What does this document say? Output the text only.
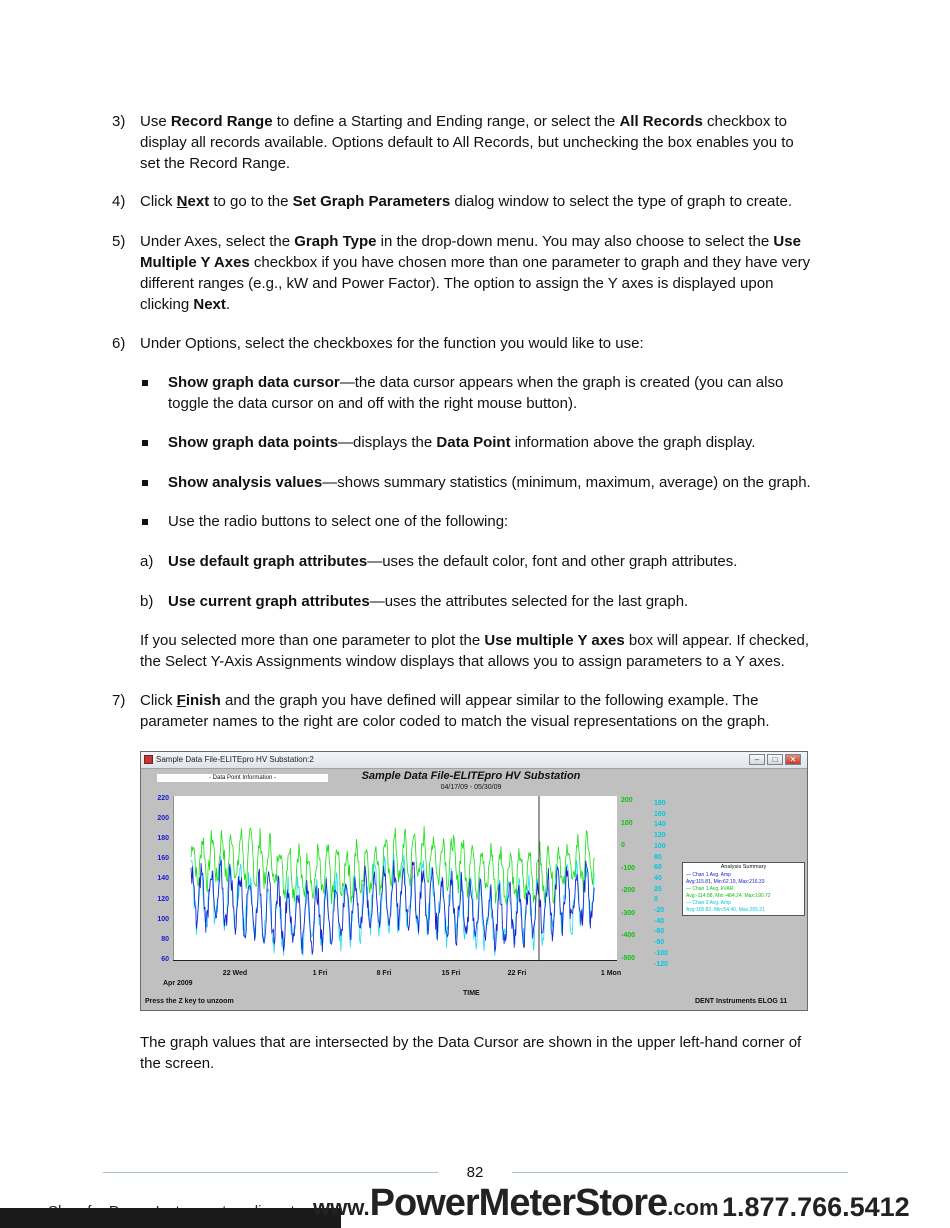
3) Use Record Range to define a Starting and Ending range, or select the All Records checkbox to
display all records available. Options default to All Records, but unchecking the box enables you to
set the Record Range.
4) Click Next to go to the Set Graph Parameters dialog window to select the type of graph to create.
5) Under Axes, select the Graph Type in the drop-down menu. You may also choose to select the Use
Multiple Y Axes checkbox if you have chosen more than one parameter to graph and they have very
different ranges (e.g., kW and Power Factor). The option to assign the Y axes is displayed upon
clicking Next.
6) Under Options, select the checkboxes for the function you would like to use:
Show graph data cursor—the data cursor appears when the graph is created (you can also
toggle the data cursor on and off with the right mouse button).
Show graph data points—displays the Data Point information above the graph display.
Show analysis values—shows summary statistics (minimum, maximum, average) on the graph.
Use the radio buttons to select one of the following:
a) Use default graph attributes—uses the default color, font and other graph attributes.
b) Use current graph attributes—uses the attributes selected for the last graph.
If you selected more than one parameter to plot the Use multiple Y axes box will appear. If checked,
the Select Y-Axis Assignments window displays that allows you to assign parameters to a Y axes.
7) Click Finish and the graph you have defined will appear similar to the following example. The
parameter names to the right are color coded to match the visual representations on the graph.
Sample Data File-ELITEpro HV Substation:2	–	□	✕
- Data Point Information -	Sample Data File-ELITEpro HV Substation
04/17/09 - 05/30/09
Apr 2009
TIME
Press the Z key to unzoom	DENT Instruments ELOG 11
Analysis Summary
— Chan 1 Avg. Amp
Avg:115.81, Min:62.19, Max:216.33
— Chan 1 Avg. kVAR
Avg:-114.88, Min:-484.24, Max:190.72
— Chan 2 Avg. Amp
Avg:105.82, Min:54.40, Max:265.21
220
200
180
160
140
120
100
80
60
200
100
0
-100
-200
-300
-400
-500
180
160
140
120
100
80
60
40
20
0
-20
-40
-60
-80
-100
-120
22 Wed	1 Fri	8 Fri	15 Fri	22 Fri	1 Mon
The graph values that are intersected by the Data Cursor are shown in the upper left-hand corner of
the screen.
82
www.PowerMeterStore.com 1.877.766.5412
